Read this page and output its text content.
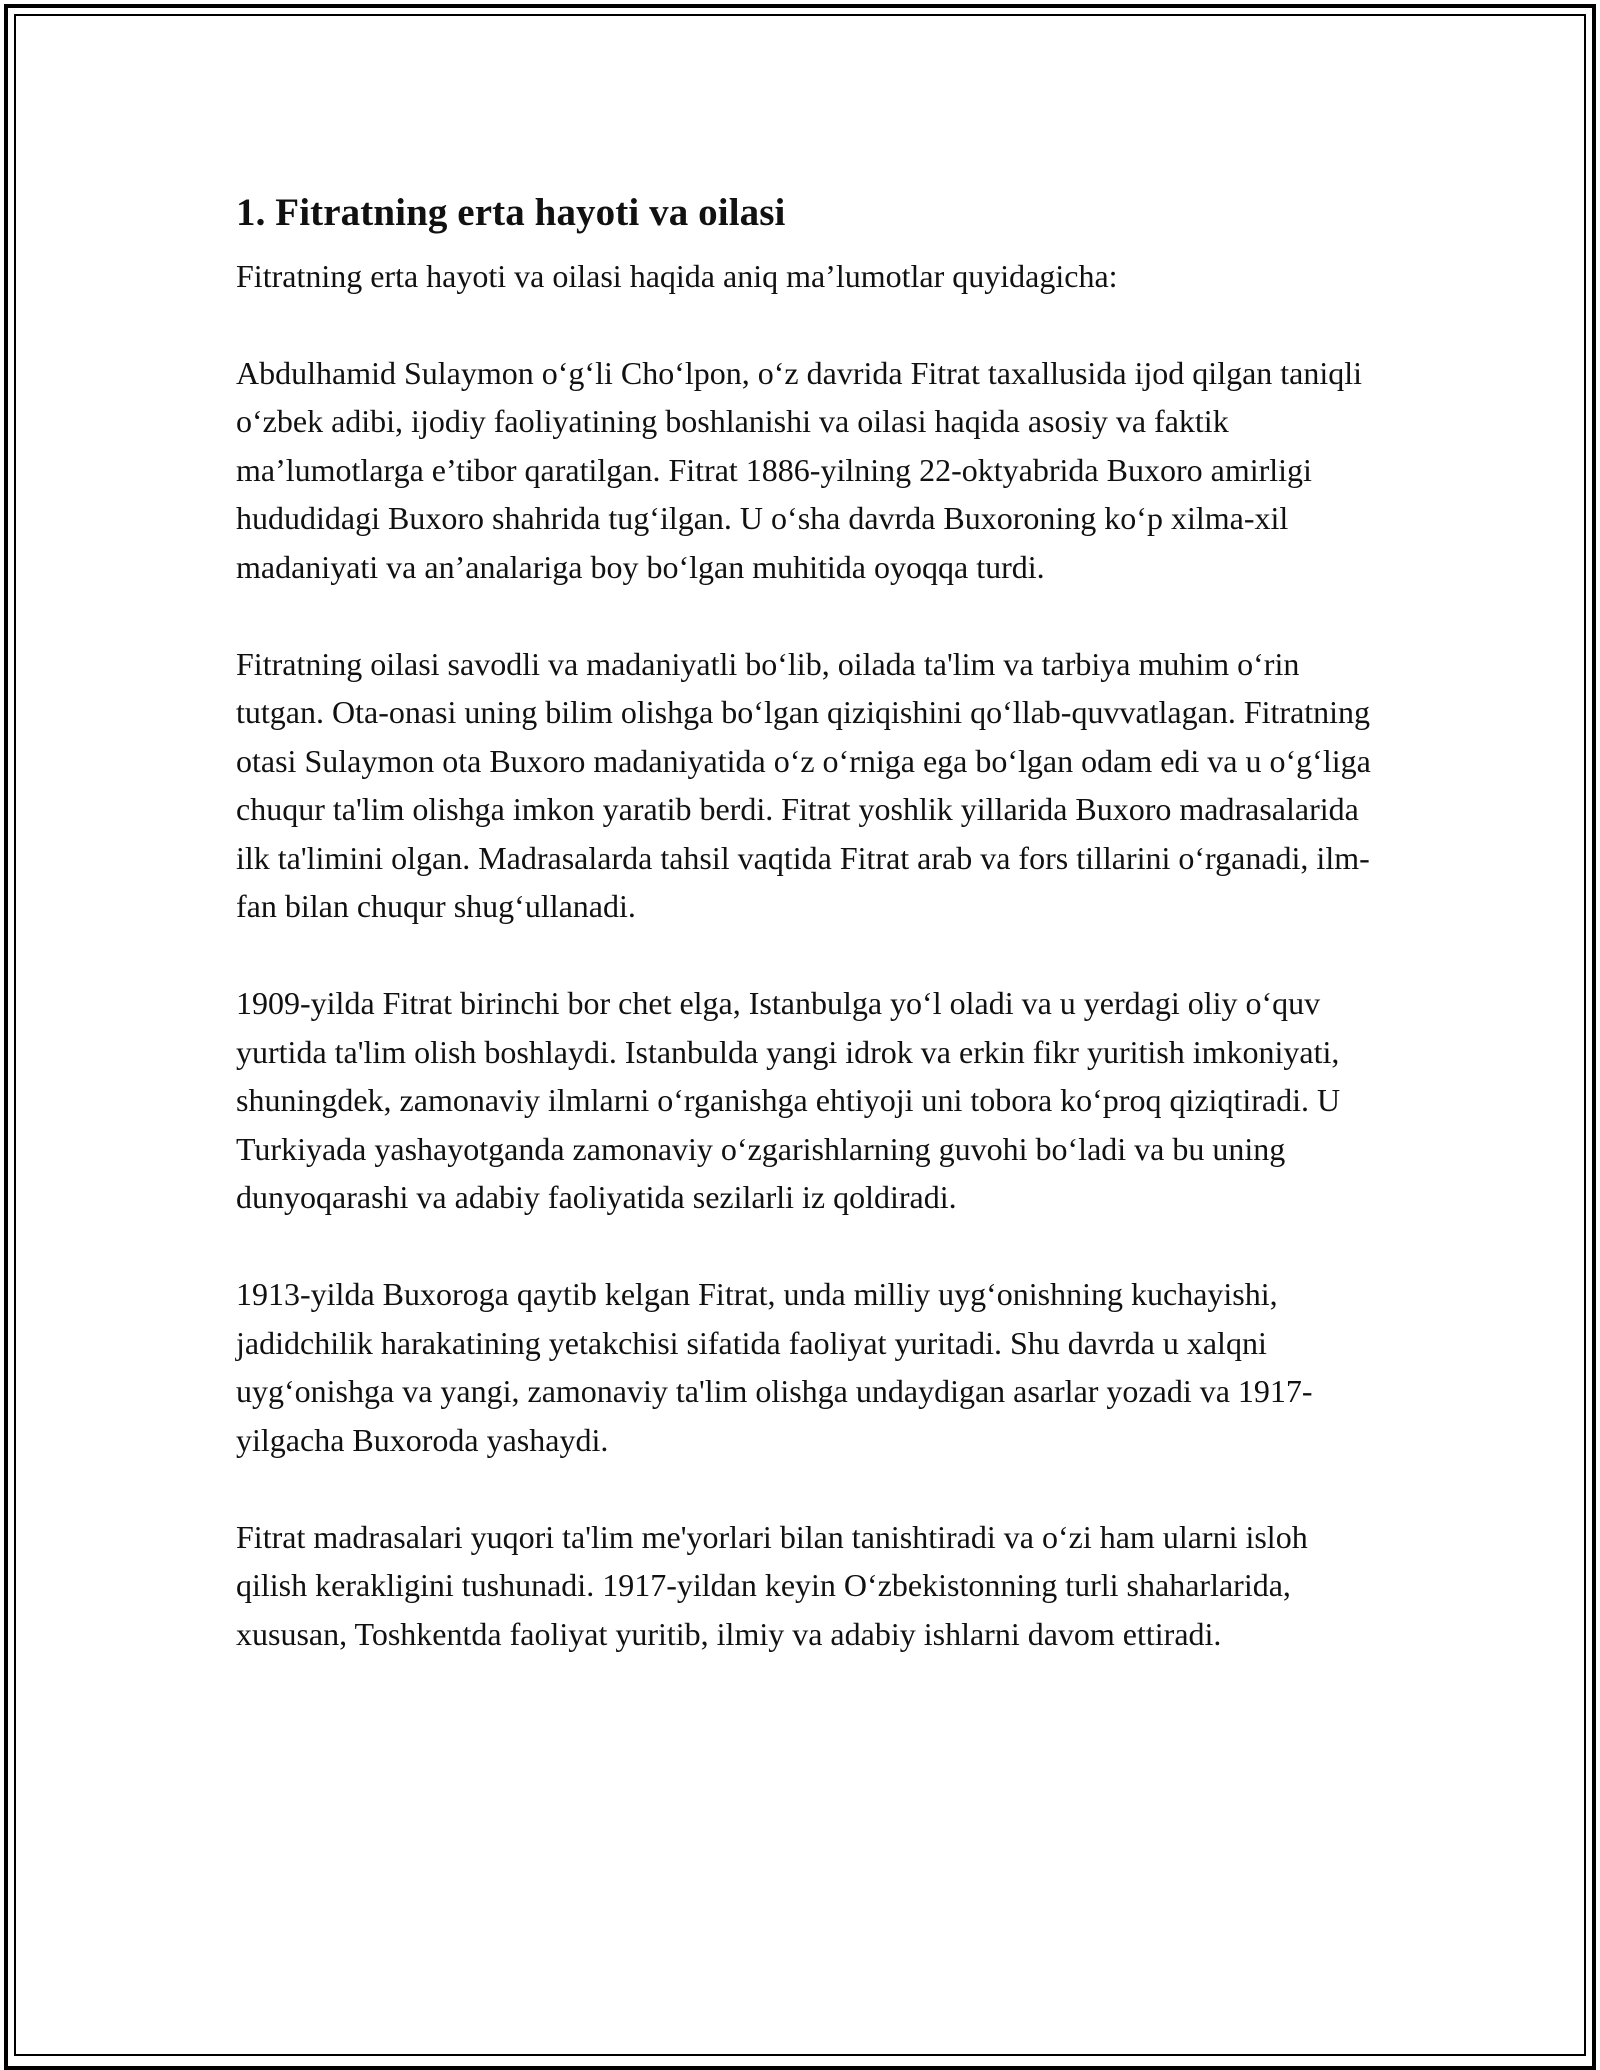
1. Fitratning erta hayoti va oilasi

Fitratning erta hayoti va oilasi haqida aniq ma’lumotlar quyidagicha:

Abdulhamid Sulaymon o‘g‘li Cho‘lpon, o‘z davrida Fitrat taxallusida ijod qilgan taniqli o‘zbek adibi, ijodiy faoliyatining boshlanishi va oilasi haqida asosiy va faktik ma’lumotlarga e’tibor qaratilgan. Fitrat 1886-yilning 22-oktyabrida Buxoro amirligi hududidagi Buxoro shahrida tug‘ilgan. U o‘sha davrda Buxoroning ko‘p xilma-xil madaniyati va an’analariga boy bo‘lgan muhitida oyoqqa turdi.

Fitratning oilasi savodli va madaniyatli bo‘lib, oilada ta'lim va tarbiya muhim o‘rin tutgan. Ota-onasi uning bilim olishga bo‘lgan qiziqishini qo‘llab-quvvatlagan. Fitratning otasi Sulaymon ota Buxoro madaniyatida o‘z o‘rniga ega bo‘lgan odam edi va u o‘g‘liga chuqur ta'lim olishga imkon yaratib berdi. Fitrat yoshlik yillarida Buxoro madrasalarida ilk ta'limini olgan. Madrasalarda tahsil vaqtida Fitrat arab va fors tillarini o‘rganadi, ilm-fan bilan chuqur shug‘ullanadi.

1909-yilda Fitrat birinchi bor chet elga, Istanbulga yo‘l oladi va u yerdagi oliy o‘quv yurtida ta'lim olish boshlaydi. Istanbulda yangi idrok va erkin fikr yuritish imkoniyati, shuningdek, zamonaviy ilmlarni o‘rganishga ehtiyoji uni tobora ko‘proq qiziqtiradi. U Turkiyada yashayotganda zamonaviy o‘zgarishlarning guvohi bo‘ladi va bu uning dunyoqarashi va adabiy faoliyatida sezilarli iz qoldiradi.

1913-yilda Buxoroga qaytib kelgan Fitrat, unda milliy uyg‘onishning kuchayishi, jadidchilik harakatining yetakchisi sifatida faoliyat yuritadi. Shu davrda u xalqni uyg‘onishga va yangi, zamonaviy ta'lim olishga undaydigan asarlar yozadi va 1917-yilgacha Buxoroda yashaydi.

Fitrat madrasalari yuqori ta'lim me'yorlari bilan tanishtiradi va o‘zi ham ularni isloh qilish kerakligini tushunadi. 1917-yildan keyin O‘zbekistonning turli shaharlarida, xususan, Toshkentda faoliyat yuritib, ilmiy va adabiy ishlarni davom ettiradi.
